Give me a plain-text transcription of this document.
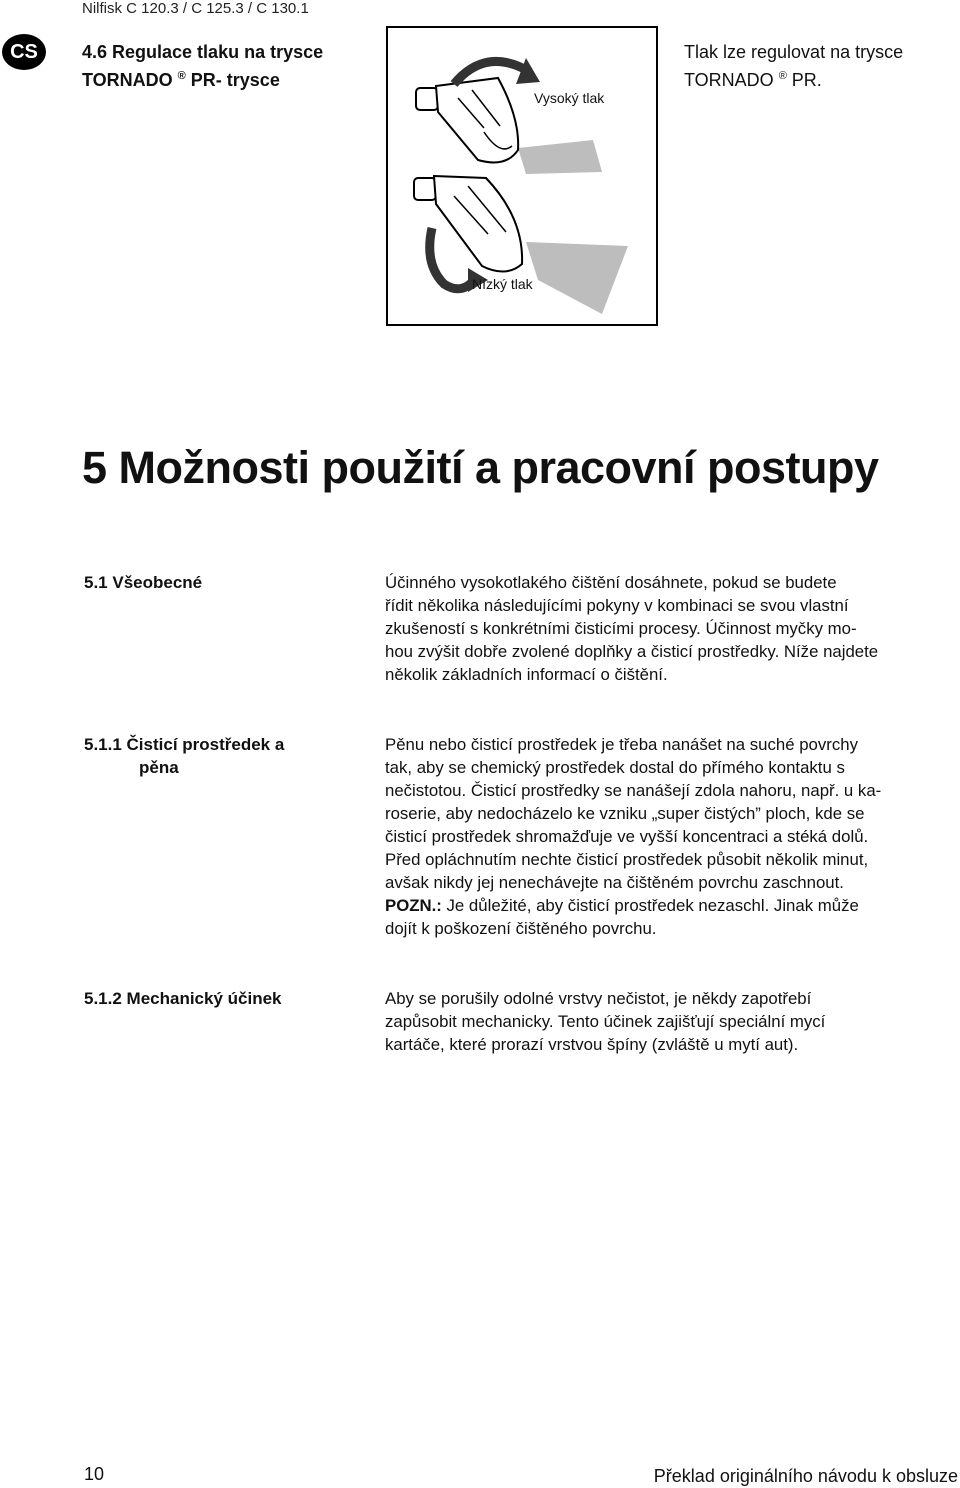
Nilfisk C 120.3 / C 125.3 / C 130.1
CS	4.6 Regulace tlaku na trysce
TORNADO ® PR- trysce
Tlak lze regulovat na trysce
TORNADO ® PR.
Vysoký tlak
Nízký tlak
5 Možnosti použití a pracovní postupy
5.1 Všeobecné	Účinného vysokotlakého čištění dosáhnete, pokud se budete
řídit několika následujícími pokyny v kombinaci se svou vlastní
zkušeností s konkrétními čisticími procesy. Účinnost myčky mo-
hou zvýšit dobře zvolené doplňky a čisticí prostředky. Níže najdete
několik základních informací o čištění.
5.1.1 Čisticí prostředek a
pěna
Pěnu nebo čisticí prostředek je třeba nanášet na suché povrchy
tak, aby se chemický prostředek dostal do přímého kontaktu s
nečistotou. Čisticí prostředky se nanášejí zdola nahoru, např. u ka-
roserie, aby nedocházelo ke vzniku „super čistých” ploch, kde se
čisticí prostředek shromažďuje ve vyšší koncentraci a stéká dolů.
Před opláchnutím nechte čisticí prostředek působit několik minut,
avšak nikdy jej nenechávejte na čištěném povrchu zaschnout.
POZN.: Je důležité, aby čisticí prostředek nezaschl. Jinak může
dojít k poškození čištěného povrchu.
5.1.2 Mechanický účinek	Aby se porušily odolné vrstvy nečistot, je někdy zapotřebí
zapůsobit mechanicky. Tento účinek zajišťují speciální mycí
kartáče, které prorazí vrstvou špíny (zvláště u mytí aut).
10	Překlad originálního návodu k obsluze
